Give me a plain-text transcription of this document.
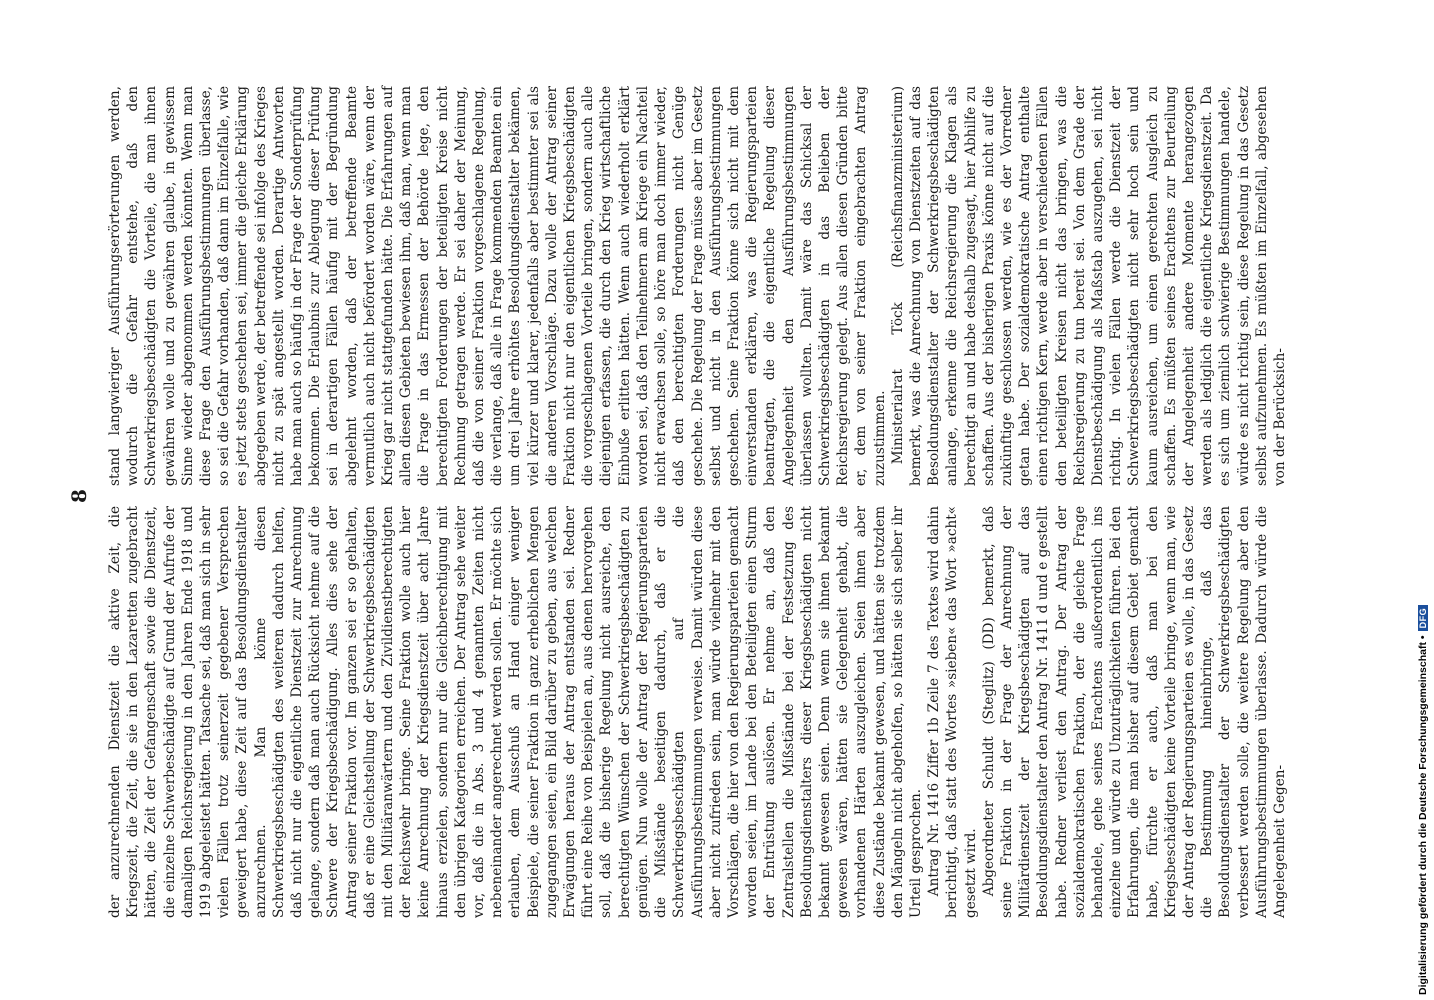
8

der anzurechnenden Dienstzeit die aktive Zeit, die Kriegszeit, die Zeit, die sie in den Lazaretten zugebracht hätten, die Zeit der Gefangenschaft sowie die Dienstzeit, die einzelne Schwerbeschädigte auf Grund der Aufrufe der damaligen Reichsregierung in den Jahren Ende 1918 und 1919 abgeleistet hätten. Tatsache sei, daß man sich in sehr vielen Fällen trotz seinerzeit gegebener Versprechen geweigert habe, diese Zeit auf das Besoldungsdienstalter anzurechnen. Man könne diesen Schwerkriegsbeschädigten des weiteren dadurch helfen, daß nicht nur die eigentliche Dienstzeit zur Anrechnung gelange, sondern daß man auch Rücksicht nehme auf die Schwere der Kriegsbeschädigung. Alles dies sehe der Antrag seiner Fraktion vor. Im ganzen sei er so gehalten, daß er eine Gleichstellung der Schwerkriegsbeschädigten mit den Militäranwärtern und den Zivildienstberechtigten der Reichswehr bringe. Seine Fraktion wolle auch hier keine Anrechnung der Kriegsdienstzeit über acht Jahre hinaus erzielen, sondern nur die Gleichberechtigung mit den übrigen Kategorien erreichen. Der Antrag sehe weiter vor, daß die in Abs. 3 und 4 genannten Zeiten nicht nebeneinander angerechnet werden sollen. Er möchte sich erlauben, dem Ausschuß an Hand einiger weniger Beispiele, die seiner Fraktion in ganz erheblichen Mengen zugegangen seien, ein Bild darüber zu geben, aus welchen Erwägungen heraus der Antrag entstanden sei. Redner führt eine Reihe von Beispielen an, aus denen hervorgehen soll, daß die bisherige Regelung nicht ausreiche, den berechtigten Wünschen der Schwerkriegsbeschädigten zu genügen. Nun wolle der Antrag der Regierungsparteien die Mißstände beseitigen dadurch, daß er die Schwerkriegsbeschädigten auf die Ausführungsbestimmungen verweise. Damit würden diese aber nicht zufrieden sein, man würde vielmehr mit den Vorschlägen, die hier von den Regierungsparteien gemacht worden seien, im Lande bei den Beteiligten einen Sturm der Entrüstung auslösen. Er nehme an, daß den Zentralstellen die Mißstände bei der Festsetzung des Besoldungsdienstalters dieser Kriegsbeschädigten nicht bekannt gewesen seien. Denn wenn sie ihnen bekannt gewesen wären, hätten sie Gelegenheit gehabt, die vorhandenen Härten auszugleichen. Seien ihnen aber diese Zustände bekannt gewesen, und hätten sie trotzdem den Mängeln nicht abgeholfen, so hätten sie sich selber ihr Urteil gesprochen. Antrag Nr. 1416 Ziffer 1b Zeile 7 des Textes wird dahin berichtigt, daß statt des Wortes »sieben« das Wort »acht« gesetzt wird. Abgeordneter Schuldt (Steglitz) (DD) bemerkt, daß seine Fraktion in der Frage der Anrechnung der Militärdienstzeit der Kriegsbeschädigten auf das Besoldungsdienstalter den Antrag Nr. 1411 d und e gestellt habe. Redner verliest den Antrag. Der Antrag der sozialdemokratischen Fraktion, der die gleiche Frage behandele, gehe seines Erachtens außerordentlich ins einzelne und würde zu Unzuträglichkeiten führen. Bei den Erfahrungen, die man bisher auf diesem Gebiet gemacht habe, fürchte er auch, daß man bei den Kriegsbeschädigten keine Vorteile bringe, wenn man, wie der Antrag der Regierungsparteien es wolle, in das Gesetz die Bestimmung hineinbringe, daß das Besoldungsdienstalter der Schwerkriegsbeschädigten verbessert werden solle, die weitere Regelung aber den Ausführungsbestimmungen überlasse. Dadurch würde die Angelegenheit Gegen-

stand langwieriger Ausführungserörterungen werden, wodurch die Gefahr entstehe, daß den Schwerkriegsbeschädigten die Vorteile, die man ihnen gewähren wolle und zu gewähren glaube, in gewissem Sinne wieder abgenommen werden könnten. Wenn man diese Frage den Ausführungsbestimmungen überlasse, so sei die Gefahr vorhanden, daß dann im Einzelfalle, wie es jetzt stets geschehen sei, immer die gleiche Erklärung abgegeben werde, der betreffende sei infolge des Krieges nicht zu spät angestellt worden. Derartige Antworten habe man auch so häufig in der Frage der Sonderprüfung bekommen. Die Erlaubnis zur Ablegung dieser Prüfung sei in derartigen Fällen häufig mit der Begründung abgelehnt worden, daß der betreffende Beamte vermutlich auch nicht befördert worden wäre, wenn der Krieg gar nicht stattgefunden hätte. Die Erfahrungen auf allen diesen Gebieten bewiesen ihm, daß man, wenn man die Frage in das Ermessen der Behörde lege, den berechtigten Forderungen der beteiligten Kreise nicht Rechnung getragen werde. Er sei daher der Meinung, daß die von seiner Fraktion vorgeschlagene Regelung, die verlange, daß alle in Frage kommenden Beamten ein um drei Jahre erhöhtes Besoldungsdienstalter bekämen, viel kürzer und klarer, jedenfalls aber bestimmter sei als die anderen Vorschläge. Dazu wolle der Antrag seiner Fraktion nicht nur den eigentlichen Kriegsbeschädigten die vorgeschlagenen Vorteile bringen, sondern auch alle diejenigen erfassen, die durch den Krieg wirtschaftliche Einbuße erlitten hätten. Wenn auch wiederholt erklärt worden sei, daß den Teilnehmern am Kriege ein Nachteil nicht erwachsen solle, so höre man doch immer wieder, daß den berechtigten Forderungen nicht Genüge geschehe. Die Regelung der Frage müsse aber im Gesetz selbst und nicht in den Ausführungsbestimmungen geschehen. Seine Fraktion könne sich nicht mit dem einverstanden erklären, was die Regierungsparteien beantragten, die die eigentliche Regelung dieser Angelegenheit den Ausführungsbestimmungen überlassen wollten. Damit wäre das Schicksal der Schwerkriegsbeschädigten in das Belieben der Reichsregierung gelegt. Aus allen diesen Gründen bitte er, dem von seiner Fraktion eingebrachten Antrag zuzustimmen. Ministerialrat Töck (Reichsfinanzministerium) bemerkt, was die Anrechnung von Dienstzeiten auf das Besoldungsdienstalter der Schwerkriegsbeschädigten anlange, erkenne die Reichsregierung die Klagen als berechtigt an und habe deshalb zugesagt, hier Abhilfe zu schaffen. Aus der bisherigen Praxis könne nicht auf die zukünftige geschlossen werden, wie es der Vorredner getan habe. Der sozialdemokratische Antrag enthalte einen richtigen Kern, werde aber in verschiedenen Fällen den beteiligten Kreisen nicht das bringen, was die Reichsregierung zu tun bereit sei. Von dem Grade der Dienstbeschädigung als Maßstab auszugehen, sei nicht richtig. In vielen Fällen werde die Dienstzeit der Schwerkriegsbeschädigten nicht sehr hoch sein und kaum ausreichen, um einen gerechten Ausgleich zu schaffen. Es müßten seines Erachtens zur Beurteilung der Angelegenheit andere Momente herangezogen werden als lediglich die eigentliche Kriegsdienstzeit. Da es sich um ziemlich schwierige Bestimmungen handele, würde es nicht richtig sein, diese Regelung in das Gesetz selbst aufzunehmen. Es müßten im Einzelfall, abgesehen von der Berücksich-

Digitalisierung gefördert durch die Deutsche Forschungsgemeinschaft •DFG
